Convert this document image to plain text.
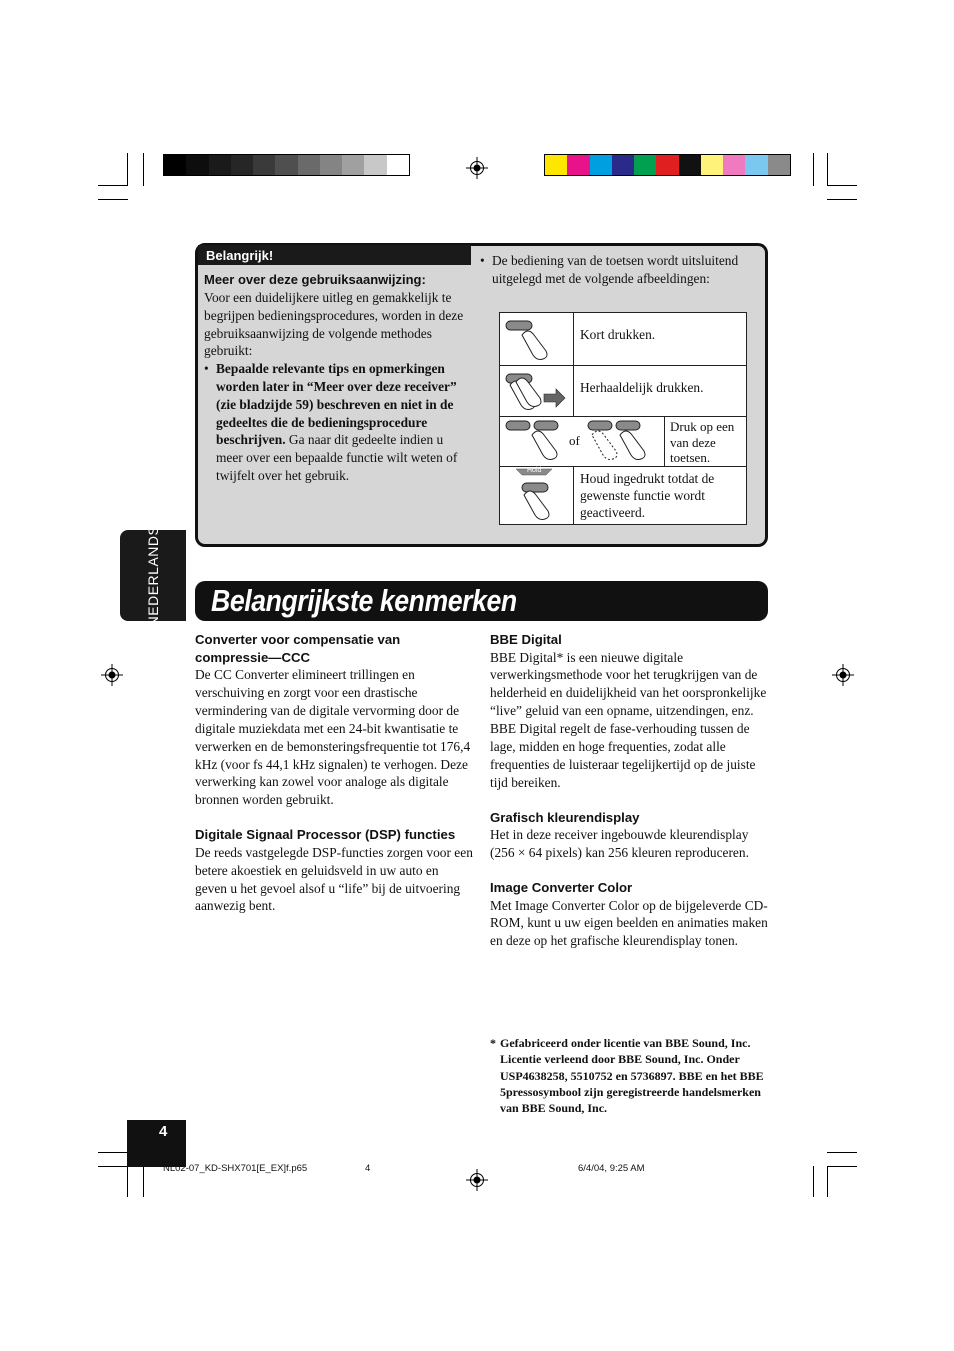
Belangrijk!
Meer over deze gebruiksaanwijzing:

Voor een duidelijkere uitleg en gemakkelijk te begrijpen bedieningsprocedures, worden in deze gebruiksaanwijzing de volgende methodes gebruikt:

• Bepaalde relevante tips en opmerkingen worden later in “Meer over deze receiver” (zie bladzijde 59) beschreven en niet in de gedeeltes die de bedieningsprocedure beschrijven. Ga naar dit gedeelte indien u meer over een bepaalde functie wilt weten of twijfelt over het gebruik.
• De bediening van de toetsen wordt uitsluitend uitgelegd met de volgende afbeeldingen:
Kort drukken.
Herhaaldelijk drukken.
of
Druk op een van deze toetsen.
Hold
Houd ingedrukt totdat de gewenste functie wordt geactiveerd.
NEDERLANDS Belangrijkste kenmerken
Converter voor compensatie van compressie—CCC

De CC Converter elimineert trillingen en verschuiving en zorgt voor een drastische vermindering van de digitale vervorming door de digitale muziekdata met een 24-bit kwantisatie te verwerken en de bemonsteringsfrequentie tot 176,4 kHz (voor fs 44,1 kHz signalen) te verhogen. Deze verwerking kan zowel voor analoge als digitale bronnen worden gebruikt.

Digitale Signaal Processor (DSP) functies

De reeds vastgelegde DSP-functies zorgen voor een betere akoestiek en geluidsveld in uw auto en geven u het gevoel alsof u “life” bij de uitvoering aanwezig bent.

BBE Digital

BBE Digital* is een nieuwe digitale verwerkingsmethode voor het terugkrijgen van de helderheid en duidelijkheid van het oorspronkelijke “live” geluid van een opname, uitzendingen, enz.

BBE Digital regelt de fase-verhouding tussen de lage, midden en hoge frequenties, zodat alle frequenties de luisteraar tegelijkertijd op de juiste tijd bereiken.

Grafisch kleurendisplay

Het in deze receiver ingebouwde kleurendisplay (256 × 64 pixels) kan 256 kleuren reproduceren.

Image Converter Color

Met Image Converter Color op de bijgeleverde CD-ROM, kunt u uw eigen beelden en animaties maken en deze op het grafische kleurendisplay tonen.

* Gefabriceerd onder licentie van BBE Sound, Inc. Licentie verleend door BBE Sound, Inc. Onder USP4638258, 5510752 en 5736897. BBE en het BBE 5pressosymbool zijn geregistreerde handelsmerken van BBE Sound, Inc.

4
NL02-07_KD-SHX701[E_EX]f.p65	4	6/4/04, 9:25 AM
